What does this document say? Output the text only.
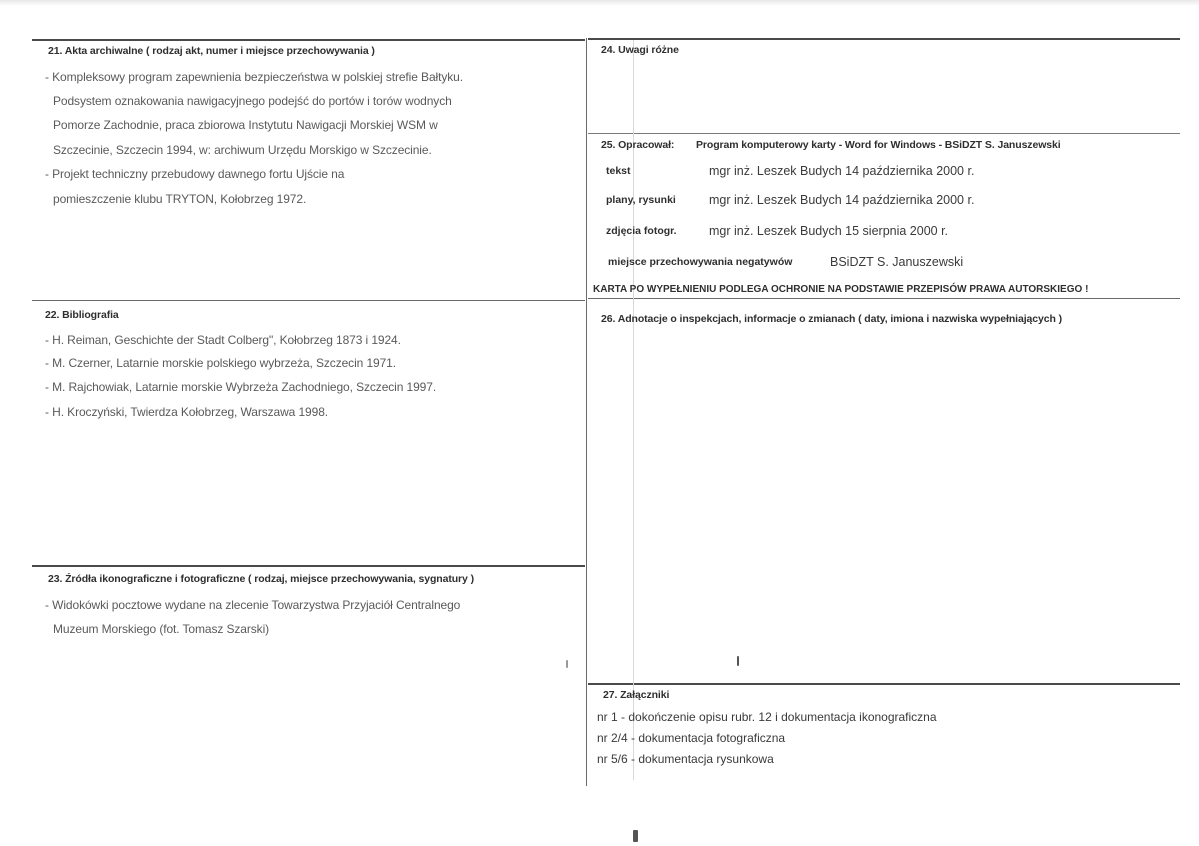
21. Akta archiwalne ( rodzaj akt, numer i miejsce przechowywania )
- Kompleksowy program zapewnienia bezpieczeństwa w polskiej strefie Bałtyku.
Podsystem oznakowania nawigacyjnego podejść do portów i torów wodnych
Pomorze Zachodnie, praca zbiorowa Instytutu Nawigacji Morskiej WSM w
Szczecinie, Szczecin 1994, w: archiwum Urzędu Morskigo w Szczecinie.
- Projekt techniczny przebudowy dawnego fortu Ujście na
pomieszczenie klubu TRYTON, Kołobrzeg 1972.
22. Bibliografia
- H. Reiman, Geschichte der Stadt Colberg", Kołobrzeg 1873 i 1924.
- M. Czerner, Latarnie morskie polskiego wybrzeża, Szczecin 1971.
- M. Rajchowiak, Latarnie morskie Wybrzeża Zachodniego, Szczecin 1997.
- H. Kroczyński, Twierdza Kołobrzeg, Warszawa 1998.
23. Źródła ikonograficzne i fotograficzne ( rodzaj, miejsce przechowywania, sygnatury )
- Widokówki pocztowe wydane na zlecenie Towarzystwa Przyjaciół Centralnego
Muzeum Morskiego (fot. Tomasz Szarski)
24. Uwagi różne
25. Opracował: Program komputerowy karty - Word for Windows - BSiDZT S. Januszewski
tekst	mgr inż. Leszek Budych 14 października 2000 r.
plany, rysunki	mgr inż. Leszek Budych 14 października 2000 r.
zdjęcia fotogr.	mgr inż. Leszek Budych 15 sierpnia 2000 r.
miejsce przechowywania negatywów	BSiDZT S. Januszewski
KARTA PO WYPEŁNIENIU PODLEGA OCHRONIE NA PODSTAWIE PRZEPISÓW PRAWA AUTORSKIEGO !
26. Adnotacje o inspekcjach, informacje o zmianach ( daty, imiona i nazwiska wypełniających )
27. Załączniki
nr 1 - dokończenie opisu rubr. 12 i dokumentacja ikonograficzna
nr 2/4 - dokumentacja fotograficzna
nr 5/6 - dokumentacja rysunkowa
